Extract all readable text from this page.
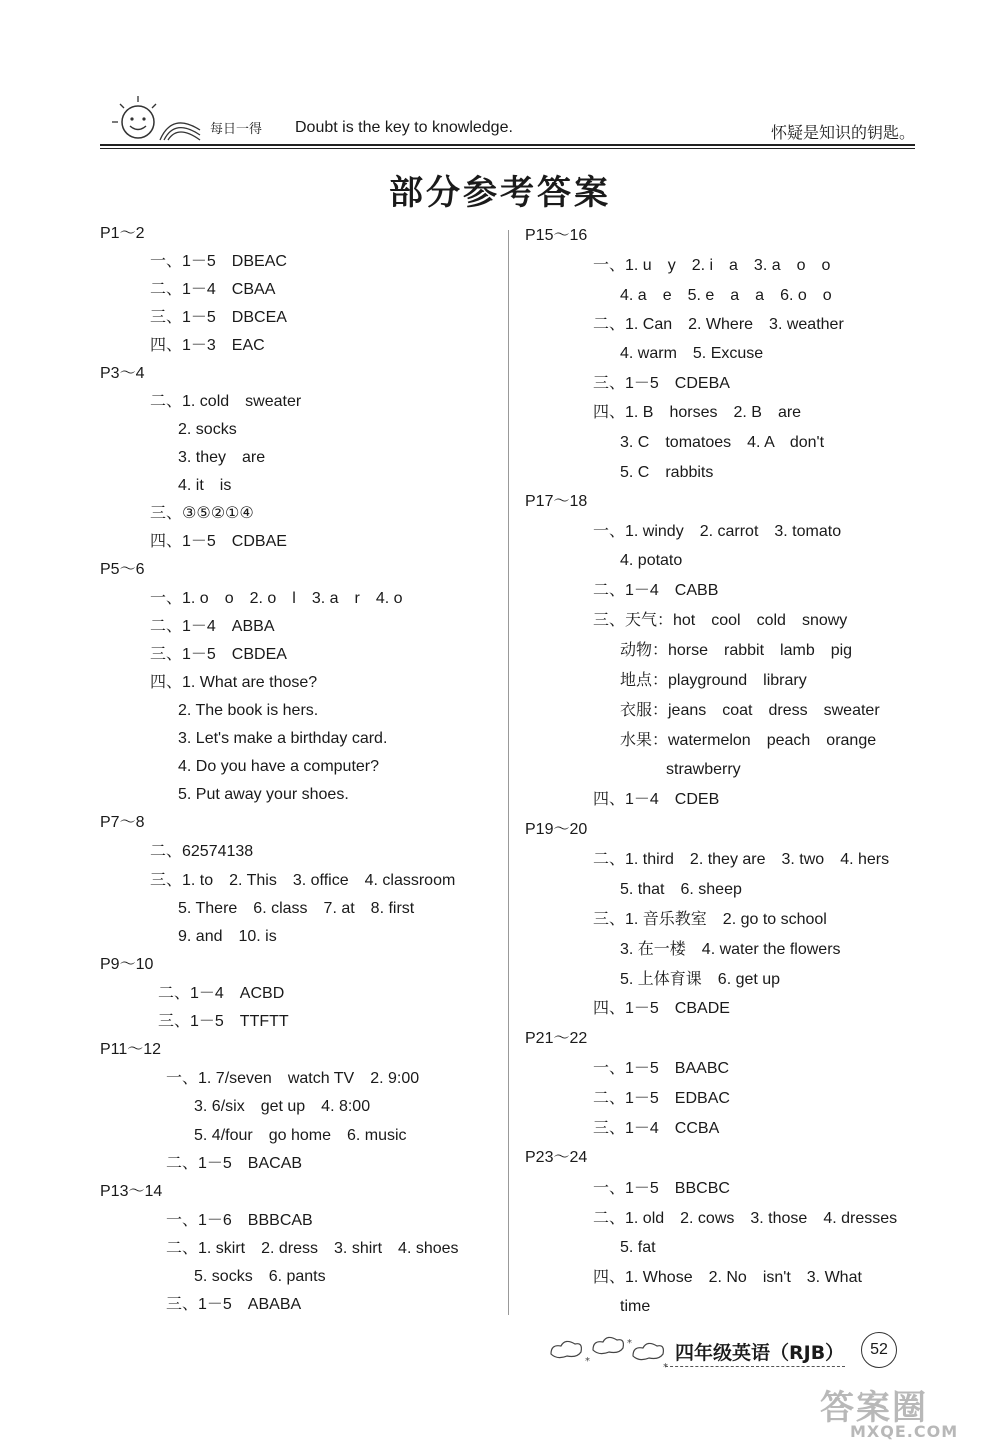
每日一得 Doubt is the key to knowledge.	怀疑是知识的钥匙。
部分参考答案
P1～2
一、1－5　DBEAC
二、1－4　CBAA
三、1－5　DBCEA
四、1－3　EAC
P3～4
二、1. cold　sweater
2. socks
3. they　are
4. it　is
三、③⑤②①④
四、1－5　CDBAE
P5～6
一、1. o　o　2. o　l　3. a　r　4. o
二、1－4　ABBA
三、1－5　CBDEA
四、1. What are those?
2. The book is hers.
3. Let's make a birthday card.
4. Do you have a computer?
5. Put away your shoes.
P7～8
二、62574138
三、1. to　2. This　3. office　4. classroom
5. There　6. class　7. at　8. first
9. and　10. is
P9～10
二、1－4　ACBD
三、1－5　TTFTT
P11～12
一、1. 7/seven　watch TV　2. 9:00
3. 6/six　get up　4. 8:00
5. 4/four　go home　6. music
二、1－5　BACAB
P13～14
一、1－6　BBBCAB
二、1. skirt　2. dress　3. shirt　4. shoes
5. socks　6. pants
三、1－5　ABABA
P15～16
一、1. u　y　2. i　a　3. a　o　o
4. a　e　5. e　a　a　6. o　o
二、1. Can　2. Where　3. weather
4. warm　5. Excuse
三、1－5　CDEBA
四、1. B　horses　2. B　are
3. C　tomatoes　4. A　don't
5. C　rabbits
P17～18
一、1. windy　2. carrot　3. tomato
4. potato
二、1－4　CABB
三、天气：hot　cool　cold　snowy
动物：horse　rabbit　lamb　pig
地点：playground　library
衣服：jeans　coat　dress　sweater
水果：watermelon　peach　orange
strawberry
四、1－4　CDEB
P19～20
二、1. third　2. they are　3. two　4. hers
5. that　6. sheep
三、1. 音乐教室　2. go to school
3. 在一楼　4. water the flowers
5. 上体育课　6. get up
四、1－5　CBADE
P21～22
一、1－5　BAABC
二、1－5　EDBAC
三、1－4　CCBA
P23～24
一、1－5　BBCBC
二、1. old　2. cows　3. those　4. dresses
5. fat
四、1. Whose　2. No　isn't　3. What
time
*
*
*
四年级英语（RJB）	52
答案圈
MXQE.COM
